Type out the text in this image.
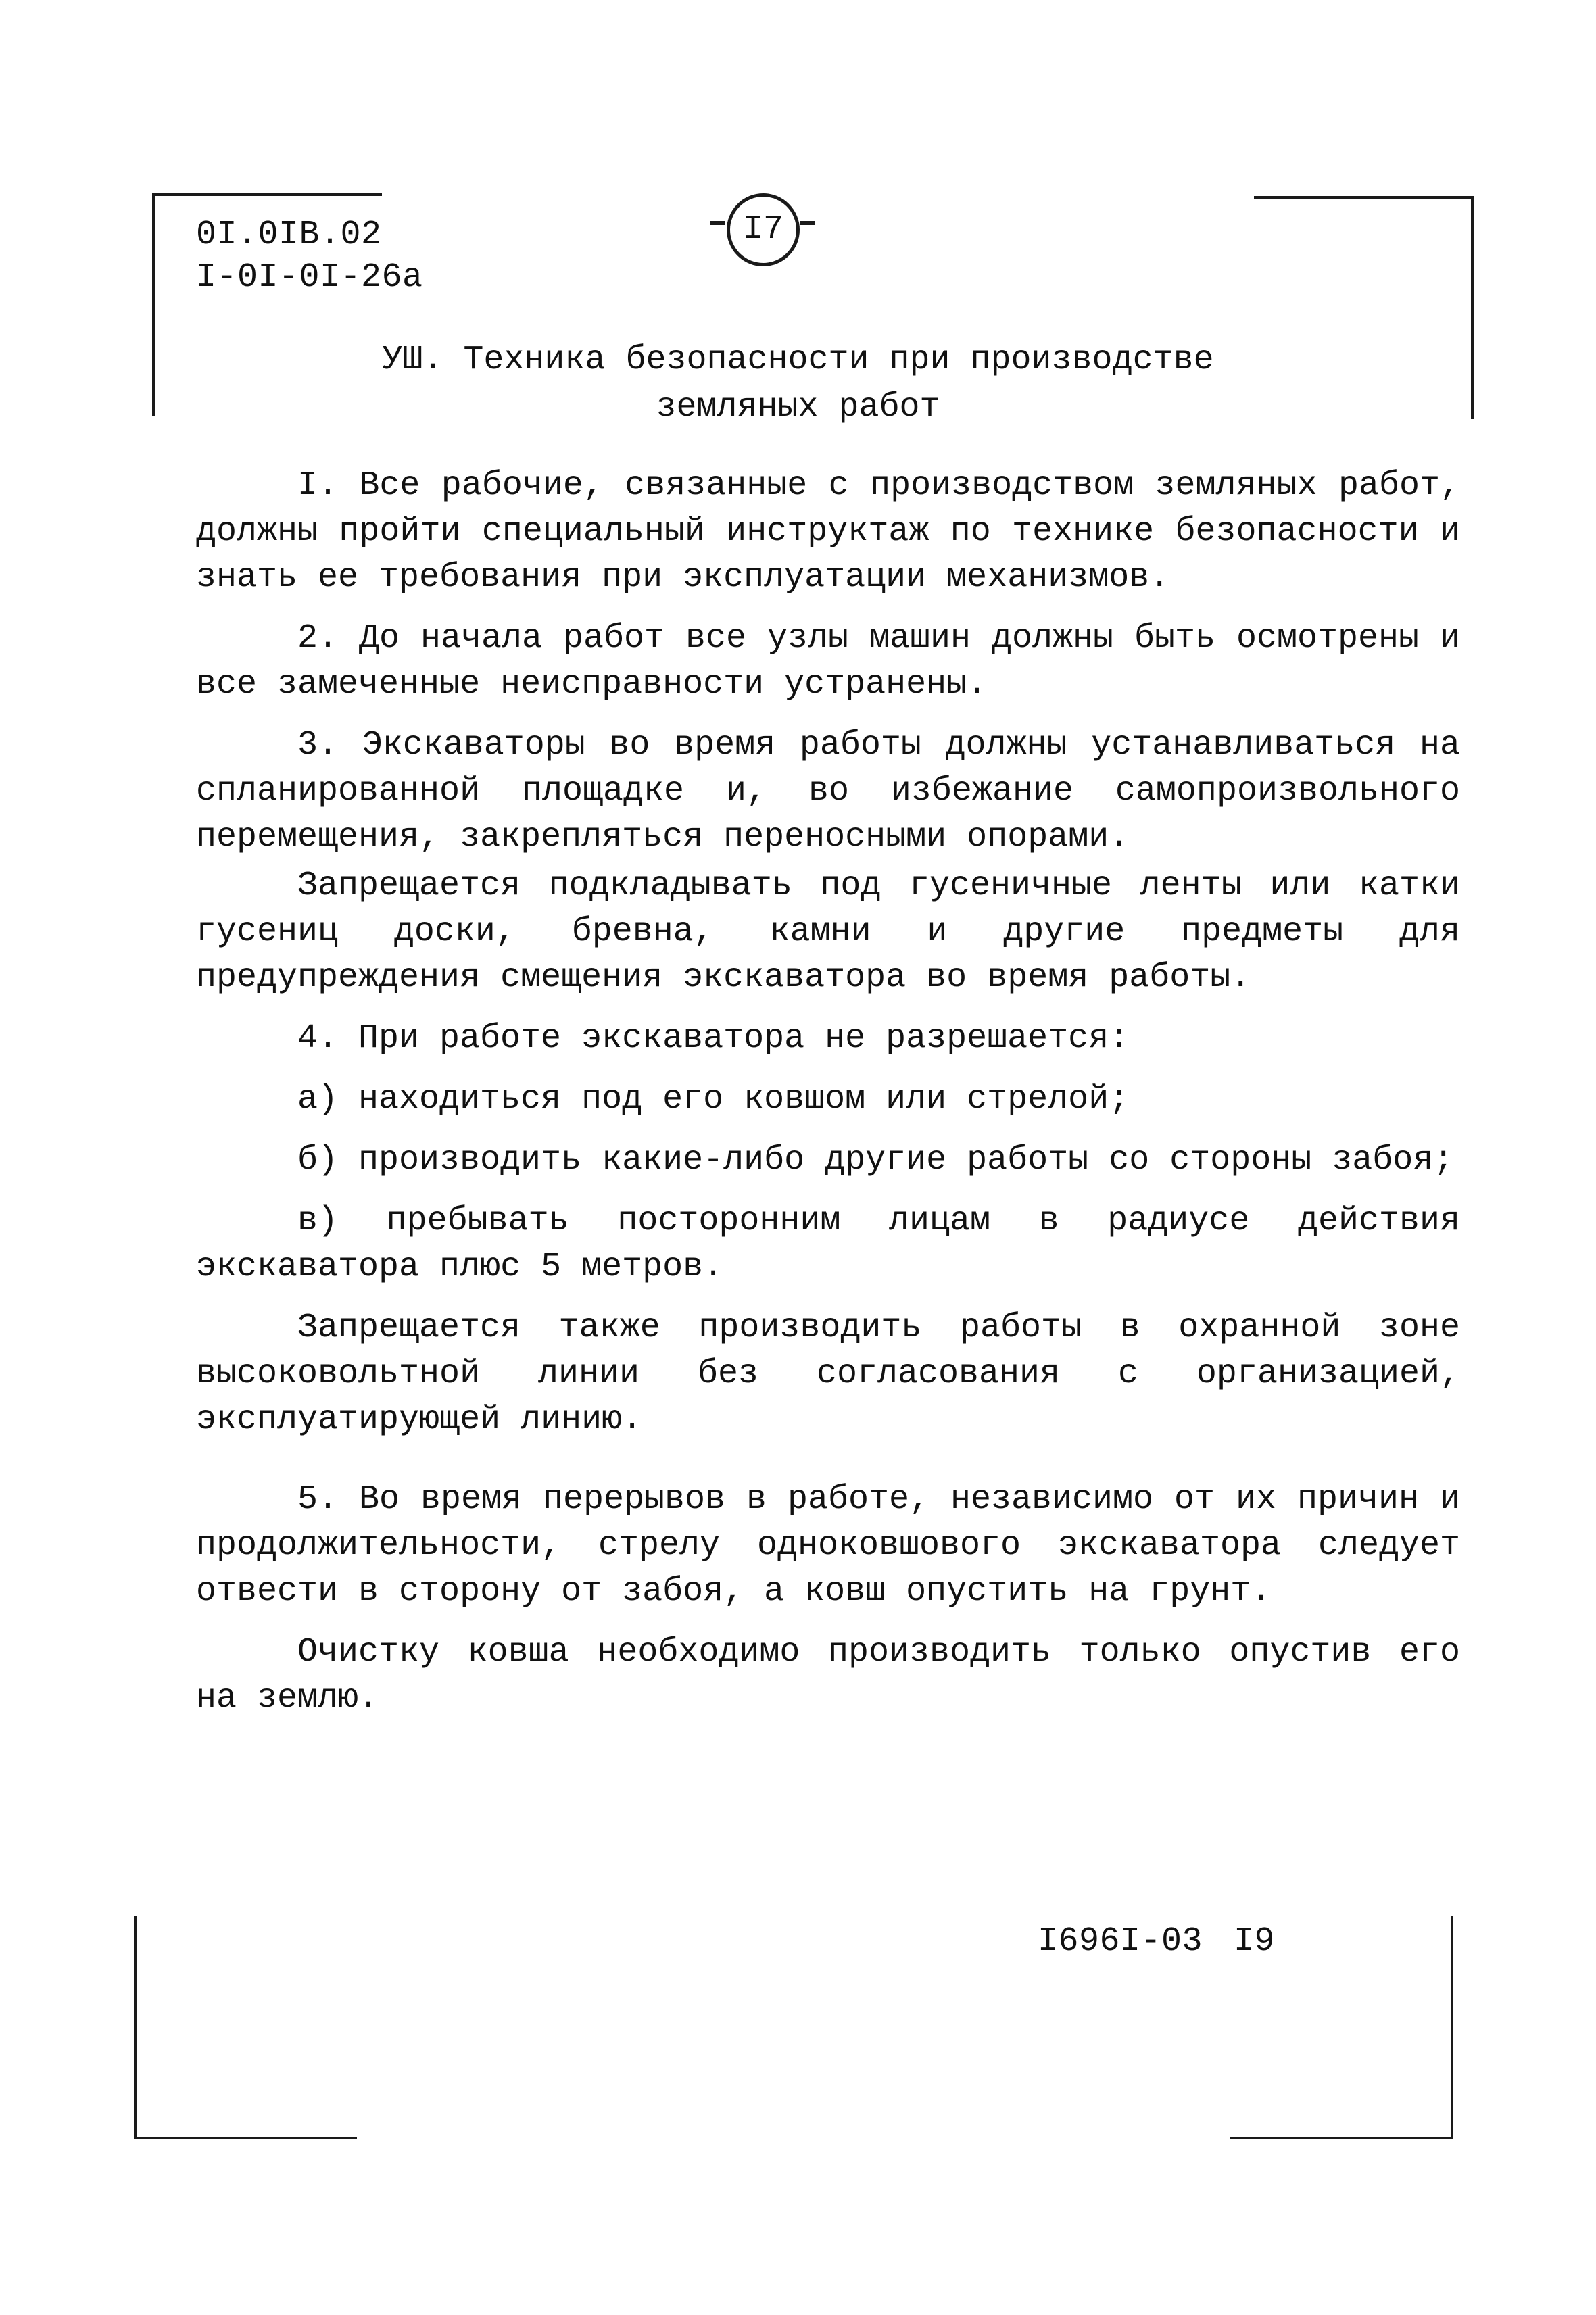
0I.0IB.02

I-0I-0I-26a

I7

УШ. Техника безопасности при производстве

земляных работ

I. Все рабочие, связанные с производством земляных работ, должны пройти специальный инструктаж по технике безопасности и знать ее требования при эксплуатации механизмов.

2. До начала работ все узлы машин должны быть осмотрены и все замеченные неисправности устранены.

3. Экскаваторы во время работы должны устанавливаться на спланированной площадке и, во избежание самопроизвольного перемещения, закрепляться переносными опорами.

Запрещается подкладывать под гусеничные ленты или катки гусениц доски, бревна, камни и другие предметы для предупреждения смещения экскаватора во время работы.

4. При работе экскаватора не разрешается:

а) находиться под его ковшом или стрелой;

б) производить какие-либо другие работы со стороны забоя;

в) пребывать посторонним лицам в радиусе действия экскаватора плюс 5 метров.

Запрещается также производить работы в охранной зоне высоковольтной линии без согласования с организацией, эксплуатирующей линию.

5. Во время перерывов в работе, независимо от их причин и продолжительности, стрелу одноковшового экскаватора следует отвести в сторону от забоя, а ковш опустить на грунт.

Очистку ковша необходимо производить только опустив его на землю.

I696I-03 I9
